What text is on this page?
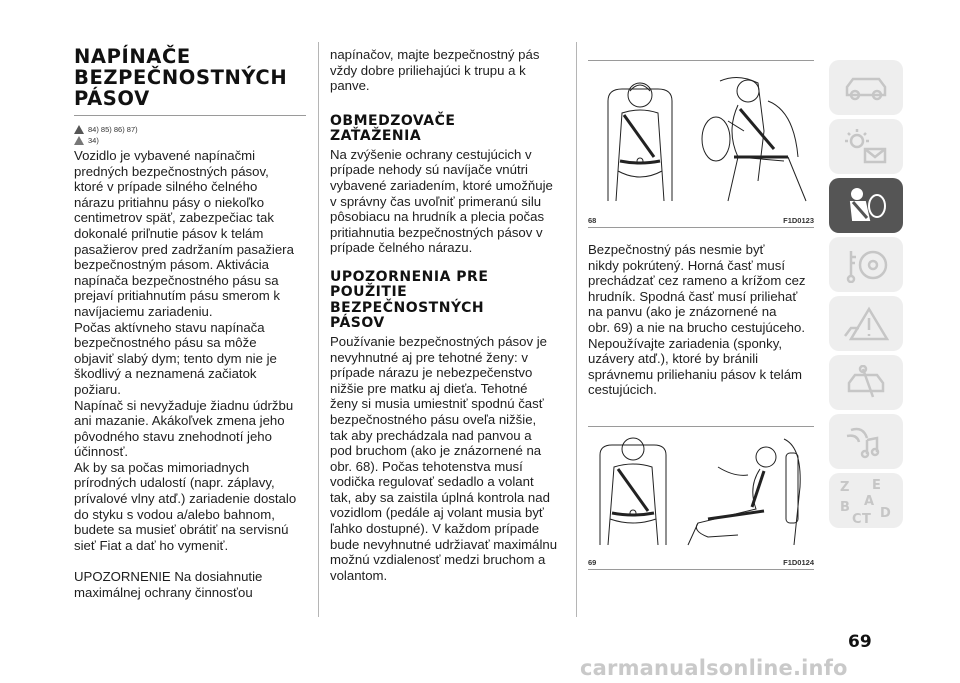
NAPÍNAČE BEZPEČNOSTNÝCH PÁSOV
84) 85) 86) 87)
34)

Vozidlo je vybavené napínačmi
predných bezpečnostných pásov,
ktoré v prípade silného čelného
nárazu pritiahnu pásy o niekoľko
centimetrov späť, zabezpečiac tak
dokonalé priľnutie pásov k telám
pasažierov pred zadržaním pasažiera
bezpečnostným pásom. Aktivácia
napínača bezpečnostného pásu sa
prejaví pritiahnutím pásu smerom k
navíjaciemu zariadeniu.
Počas aktívneho stavu napínača
bezpečnostného pásu sa môže
objaviť slabý dym; tento dym nie je
škodlivý a neznamená začiatok požiaru.
Napínač si nevyžaduje žiadnu údržbu
ani mazanie. Akákoľvek zmena jeho
pôvodného stavu znehodnotí jeho
účinnosť.
Ak by sa počas mimoriadnych
prírodných udalostí (napr. záplavy,
prívalové vlny atď.) zariadenie dostalo
do styku s vodou a/alebo bahnom,
budete sa musieť obrátiť na servisnú
sieť Fiat a dať ho vymeniť.

UPOZORNENIE Na dosiahnutie
maximálnej ochrany činnosťou

napínačov, majte bezpečnostný pás
vždy dobre priliehajúci k trupu a k
panve.

OBMEDZOVAČE ZAŤAŽENIA

Na zvýšenie ochrany cestujúcich v
prípade nehody sú navíjače vnútri
vybavené zariadením, ktoré umožňuje
v správny čas uvoľniť primeranú silu
pôsobiacu na hrudník a plecia počas
pritiahnutia bezpečnostných pásov v
prípade čelného nárazu.

UPOZORNENIA PRE POUŽITIE BEZPEČNOSTNÝCH PÁSOV

Používanie bezpečnostných pásov je
nevyhnutné aj pre tehotné ženy: v
prípade nárazu je nebezpečenstvo
nižšie pre matku aj dieťa. Tehotné
ženy si musia umiestniť spodnú časť
bezpečnostného pásu oveľa nižšie,
tak aby prechádzala nad panvou a
pod bruchom (ako je znázornené na
obr. 68). Počas tehotenstva musí
vodička regulovať sedadlo a volant
tak, aby sa zaistila úplná kontrola nad
vozidlom (pedále aj volant musia byť
ľahko dostupné). V každom prípade
bude nevyhnutné udržiavať maximálnu
možnú vzdialenosť medzi bruchom a
volantom.

68	F1D0123

Bezpečnostný pás nesmie byť
nikdy pokrútený. Horná časť musí
prechádzať cez rameno a krížom cez
hrudník. Spodná časť musí priliehať
na panvu (ako je znázornené na
obr. 69) a nie na brucho cestujúceho.
Nepoužívajte zariadenia (sponky,
uzávery atď.), ktoré by bránili
správnemu priliehaniu pásov k telám
cestujúcich.

69	F1D0124
Z E
A
B
C D
T
69
carmanualsonline.info
